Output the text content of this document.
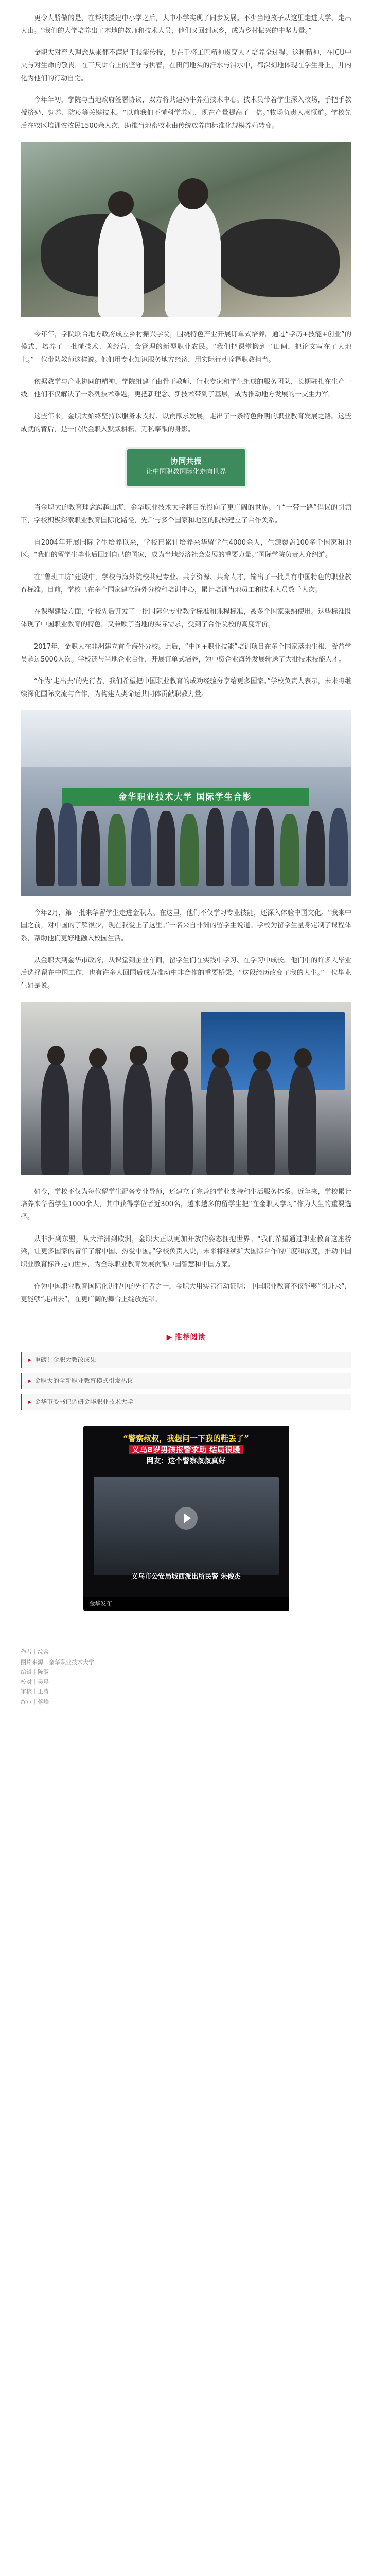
更令人骄傲的是，在帮扶援建中小学之后，大中小学实现了同步发展。不少当地孩子从这里走进大学、走出大山。“我们的大学培养出了本地的教师和技术人员，他们又回到家乡，成为乡村振兴的中坚力量。”

金职大对育人理念从来都不满足于技能传授，要在于将工匠精神贯穿人才培养全过程。这种精神，在ICU中央与对生命的敬畏，在三尺讲台上的坚守与执着，在田间地头的汗水与泪水中，都深刻地体现在学生身上，并内化为他们的行动自觉。

今年年初，学院与当地政府签署协议，双方将共建奶牛养殖技术中心。技术员带着学生深入牧场，手把手教授挤奶、饲养、防疫等关键技术。“以前我们不懂科学养殖，现在产量提高了一倍。”牧场负责人感慨道。学校先后在牧区培训农牧民1500余人次，助推当地畜牧业由传统放养向标准化规模养殖转变。

今年年，学院联合地方政府成立乡村振兴学院，围绕特色产业开展订单式培养。通过“学历+技能+创业”的模式，培养了一批懂技术、善经营、会管理的新型职业农民。“我们把课堂搬到了田间，把论文写在了大地上。”一位带队教师这样说。他们用专业知识服务地方经济，用实际行动诠释职教担当。

依据教学与产业协同的精神，学院组建了由骨干教师、行业专家和学生组成的服务团队，长期驻扎在生产一线。他们不仅解决了一系列技术难题，更把新理念、新技术带到了基层，成为推动地方发展的一支生力军。

这些年来，金职大始终坚持以服务求支持、以贡献求发展，走出了一条特色鲜明的职业教育发展之路。这些成就的背后，是一代代金职人默默耕耘、无私奉献的身影。

协同共振
让中国职教国际化走向世界

当金职大的教育理念跨越山海，金华职业技术大学将目光投向了更广阔的世界。在“一带一路”倡议的引领下，学校积极探索职业教育国际化路径，先后与多个国家和地区的院校建立了合作关系。

自2004年开展国际学生培养以来，学校已累计培养来华留学生4000余人，生源覆盖100多个国家和地区。“我们的留学生毕业后回到自己的国家，成为当地经济社会发展的重要力量。”国际学院负责人介绍道。

在“鲁班工坊”建设中，学校与海外院校共建专业、共享资源、共育人才，输出了一批具有中国特色的职业教育标准。目前，学校已在多个国家建立海外分校和培训中心，累计培训当地员工和技术人员数千人次。

在课程建设方面，学校先后开发了一批国际化专业教学标准和课程标准，被多个国家采纳使用。这些标准既体现了中国职业教育的特色，又兼顾了当地的实际需求，受到了合作院校的高度评价。

2017年，金职大在非洲建立首个海外分校。此后，“中国+职业技能”培训项目在多个国家落地生根，受益学员超过5000人次。学校还与当地企业合作，开展订单式培养，为中资企业海外发展输送了大批技术技能人才。

“作为‘走出去’的先行者，我们希望把中国职业教育的成功经验分享给更多国家。”学校负责人表示，未来将继续深化国际交流与合作，为构建人类命运共同体贡献职教力量。

金华职业技术大学 国际学生合影

今年2月，第一批来华留学生走进金职大。在这里，他们不仅学习专业技能，还深入体验中国文化。“我来中国之前，对中国的了解很少，现在我爱上了这里。”一名来自非洲的留学生说道。学校为留学生量身定制了课程体系，帮助他们更好地融入校园生活。

从金职大到金华市政府，从课堂到企业车间，留学生们在实践中学习、在学习中成长。他们中的许多人毕业后选择留在中国工作，也有许多人回国后成为推动中非合作的重要桥梁。“这段经历改变了我的人生。”一位毕业生如是说。

如今，学校不仅为每位留学生配备专业导师，还建立了完善的学业支持和生活服务体系。近年来，学校累计培养来华留学生1000余人，其中获得学位者近300名，越来越多的留学生把“在金职大学习”作为人生的重要选择。

从非洲到东盟，从大洋洲到欧洲，金职大正以更加开放的姿态拥抱世界。“我们希望通过职业教育这座桥梁，让更多国家的青年了解中国、热爱中国。”学校负责人说，未来将继续扩大国际合作的广度和深度，推动中国职业教育标准走向世界，为全球职业教育发展贡献中国智慧和中国方案。

作为中国职业教育国际化进程中的先行者之一，金职大用实际行动证明：中国职业教育不仅能够“引进来”，更能够“走出去”，在更广阔的舞台上绽放光彩。

▶ 推荐阅读
▸ 重磅！金职大教改成果
▸ 金职大的全新职业教育模式引发热议
▸ 金华市委书记调研金华职业技术大学
“警察叔叔，我想问一下我的鞋丢了”
义乌8岁男孩报警求助 结局很暖
网友：这个警察叔叔真好
义乌市公安局城西派出所民警 朱俊杰
金华发布
作者｜综合
图片来源｜金华职业技术大学
编辑｜陈淑
校对｜吴晨
审核｜王涛
终审｜蒋峰
